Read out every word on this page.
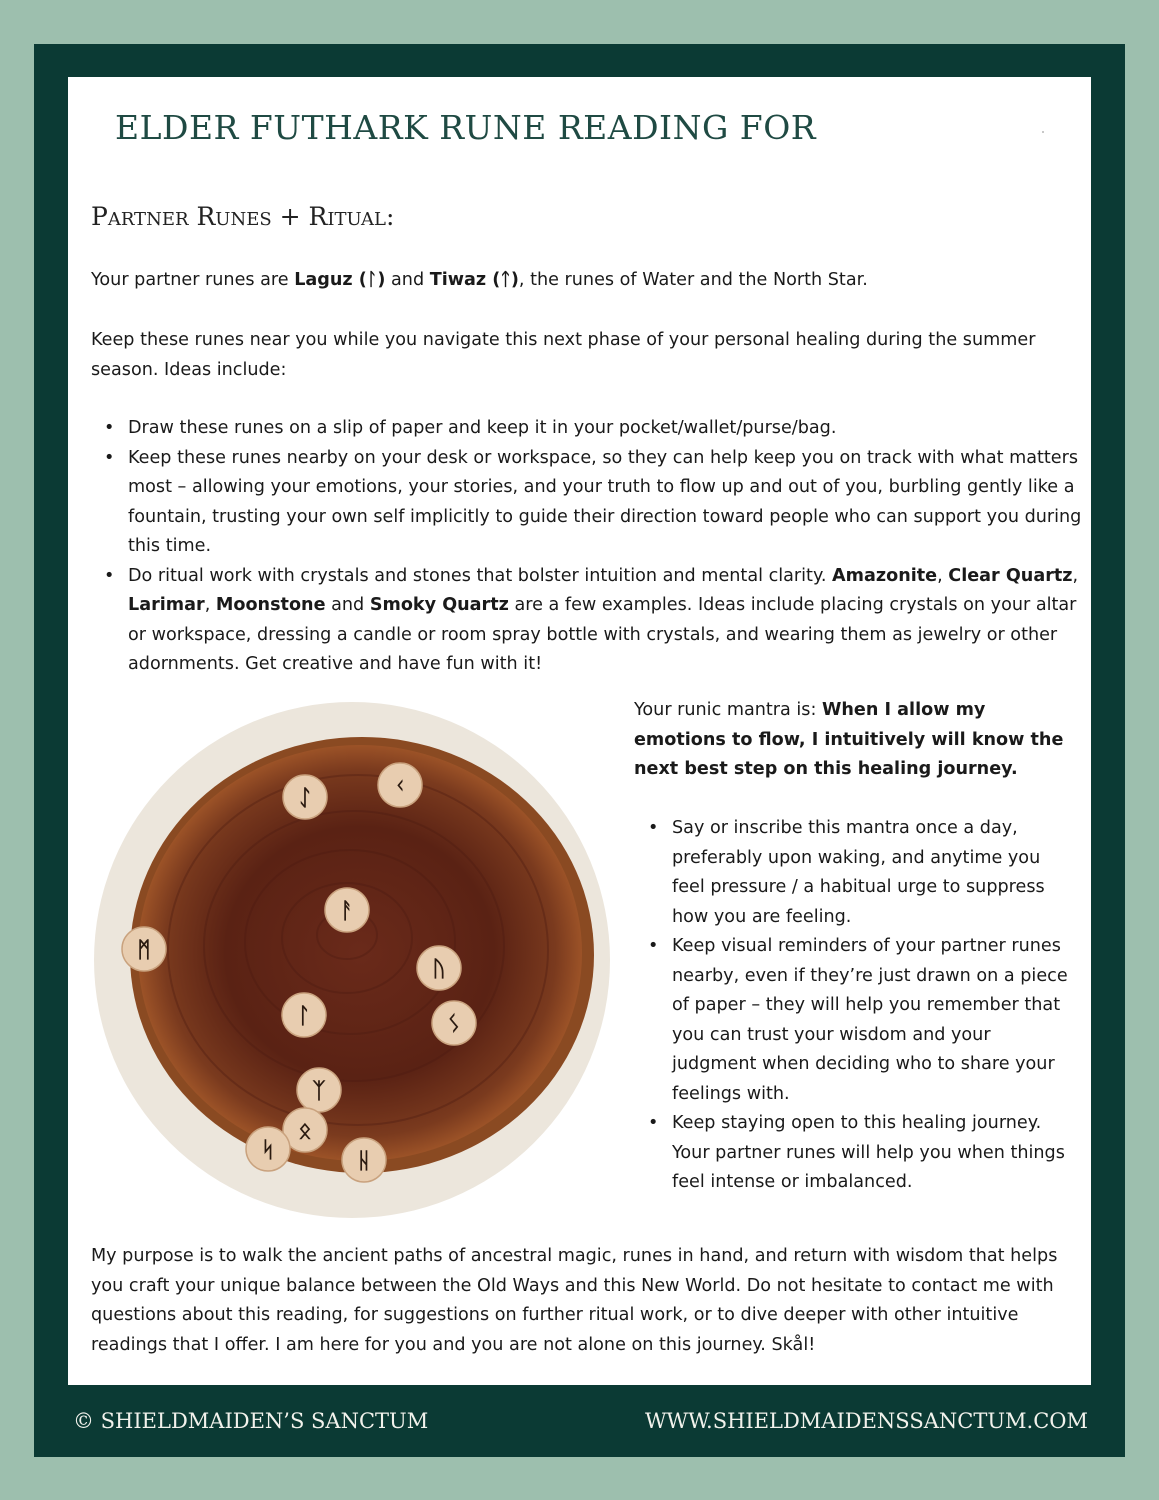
ELDER FUTHARK RUNE READING FOR
Partner Runes + Ritual:

Your partner runes are Laguz (ᛚ) and Tiwaz (ᛏ), the runes of Water and the North Star.

Keep these runes near you while you navigate this next phase of your personal healing during the summer season. Ideas include:

• Draw these runes on a slip of paper and keep it in your pocket/wallet/purse/bag.
• Keep these runes nearby on your desk or workspace, so they can help keep you on track with what matters most – allowing your emotions, your stories, and your truth to flow up and out of you, burbling gently like a fountain, trusting your own self implicitly to guide their direction toward people who can support you during this time.
• Do ritual work with crystals and stones that bolster intuition and mental clarity. Amazonite, Clear Quartz, Larimar, Moonstone and Smoky Quartz are a few examples. Ideas include placing crystals on your altar or workspace, dressing a candle or room spray bottle with crystals, and wearing them as jewelry or other adornments. Get creative and have fun with it!
ᛇ	ᚲ
ᚨ
ᛗ
ᚢ
ᛚ	ᛊ
ᛉ
ᛟ
ᛋ	ᚺ

Your runic mantra is: When I allow my emotions to flow, I intuitively will know the next best step on this healing journey.

• Say or inscribe this mantra once a day, preferably upon waking, and anytime you feel pressure / a habitual urge to suppress how you are feeling.
• Keep visual reminders of your partner runes nearby, even if they’re just drawn on a piece of paper – they will help you remember that you can trust your wisdom and your judgment when deciding who to share your feelings with.
• Keep staying open to this healing journey. Your partner runes will help you when things feel intense or imbalanced.

My purpose is to walk the ancient paths of ancestral magic, runes in hand, and return with wisdom that helps you craft your unique balance between the Old Ways and this New World. Do not hesitate to contact me with questions about this reading, for suggestions on further ritual work, or to dive deeper with other intuitive readings that I offer. I am here for you and you are not alone on this journey. Skål!

© SHIELDMAIDEN’S SANCTUM	WWW.SHIELDMAIDENSSANCTUM.COM
